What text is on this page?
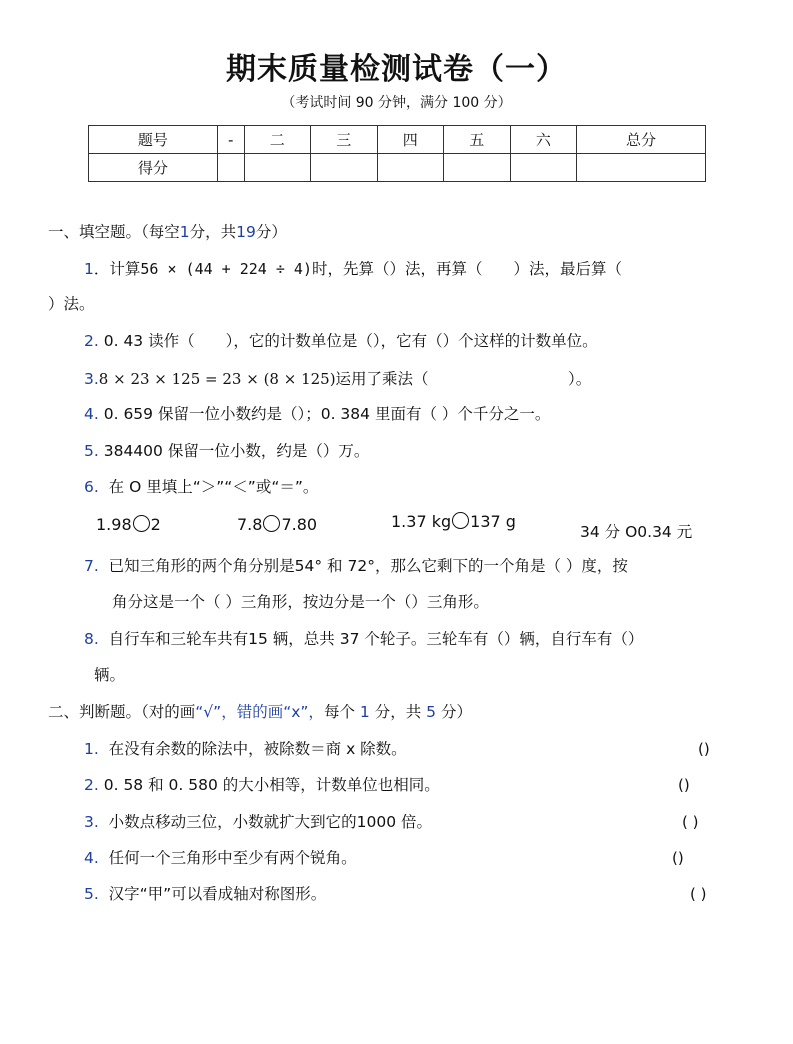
期末质量检测试卷（一）
（考试时间 90 分钟，满分 100 分）
题号	-	二	三	四	五	六	总分
得分							
一、填空题。（每空1分，共19分）
1．计算56 × (44 + 224 ÷ 4)时，先算（）法，再算（　　）法，最后算（
）法。
2. 0. 43 读作（　　），它的计数单位是（），它有（）个这样的计数单位。
3.8 × 23 × 125 = 23 × (8 × 125)运用了乘法（　　　　　　　　　）。
4. 0. 659 保留一位小数约是（）；0. 384 里面有（ ）个千分之一。
5. 384400 保留一位小数，约是（）万。
6. 在 O 里填上“＞”“＜”或“＝”。
1.98 2	7.8 7.80	1.37 kg 137 g
34 分 O0.34 元
7. 已知三角形的两个角分别是54° 和 72°，那么它剩下的一个角是（ ）度，按
角分这是一个（ ）三角形，按边分是一个（）三角形。
8. 自行车和三轮车共有15 辆，总共 37 个轮子。三轮车有（）辆，自行车有（）
辆。
二、判断题。（对的画“√”，错的画“x”，每个 1 分，共 5 分）
1. 在没有余数的除法中，被除数＝商 x 除数。	()
2. 0. 58 和 0. 580 的大小相等，计数单位也相同。	()
3. 小数点移动三位，小数就扩大到它的1000 倍。	( )
4. 任何一个三角形中至少有两个锐角。	()
5. 汉字“甲”可以看成轴对称图形。	( )
